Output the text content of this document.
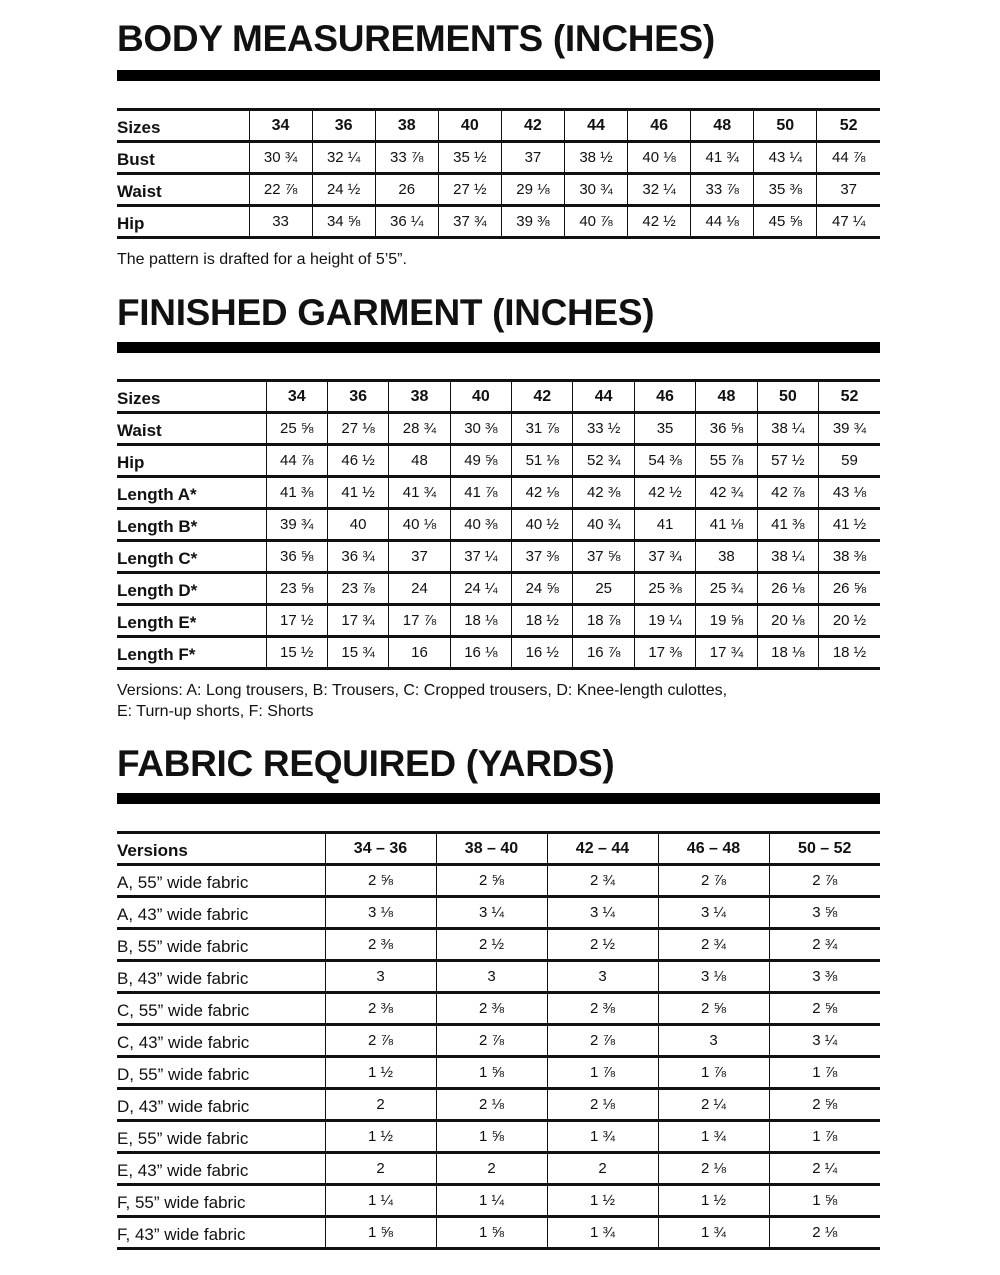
BODY MEASUREMENTS (INCHES)
Sizes	34	36	38	40	42	44	46	48	50	52
Bust	30 ¾	32 ¼	33 ⅞	35 ½	37	38 ½	40 ⅛	41 ¾	43 ¼	44 ⅞
Waist	22 ⅞	24 ½	26	27 ½	29 ⅛	30 ¾	32 ¼	33 ⅞	35 ⅜	37
Hip	33	34 ⅝	36 ¼	37 ¾	39 ⅜	40 ⅞	42 ½	44 ⅛	45 ⅝	47 ¼

The pattern is drafted for a height of 5’5”.

FINISHED GARMENT (INCHES)
Sizes	34	36	38	40	42	44	46	48	50	52
Waist	25 ⅝	27 ⅛	28 ¾	30 ⅜	31 ⅞	33 ½	35	36 ⅝	38 ¼	39 ¾
Hip	44 ⅞	46 ½	48	49 ⅝	51 ⅛	52 ¾	54 ⅜	55 ⅞	57 ½	59
Length A*	41 ⅜	41 ½	41 ¾	41 ⅞	42 ⅛	42 ⅜	42 ½	42 ¾	42 ⅞	43 ⅛
Length B*	39 ¾	40	40 ⅛	40 ⅜	40 ½	40 ¾	41	41 ⅛	41 ⅜	41 ½
Length C*	36 ⅝	36 ¾	37	37 ¼	37 ⅜	37 ⅝	37 ¾	38	38 ¼	38 ⅜
Length D*	23 ⅝	23 ⅞	24	24 ¼	24 ⅝	25	25 ⅜	25 ¾	26 ⅛	26 ⅝
Length E*	17 ½	17 ¾	17 ⅞	18 ⅛	18 ½	18 ⅞	19 ¼	19 ⅝	20 ⅛	20 ½
Length F*	15 ½	15 ¾	16	16 ⅛	16 ½	16 ⅞	17 ⅜	17 ¾	18 ⅛	18 ½

Versions: A: Long trousers, B: Trousers, C: Cropped trousers, D: Knee-length culottes,

E: Turn-up shorts, F: Shorts

FABRIC REQUIRED (YARDS)
Versions	34 – 36	38 – 40	42 – 44	46 – 48	50 – 52
A, 55” wide fabric	2 ⅝	2 ⅝	2 ¾	2 ⅞	2 ⅞
A, 43” wide fabric	3 ⅛	3 ¼	3 ¼	3 ¼	3 ⅝
B, 55” wide fabric	2 ⅜	2 ½	2 ½	2 ¾	2 ¾
B, 43” wide fabric	3	3	3	3 ⅛	3 ⅜
C, 55” wide fabric	2 ⅜	2 ⅜	2 ⅜	2 ⅝	2 ⅝
C, 43” wide fabric	2 ⅞	2 ⅞	2 ⅞	3	3 ¼
D, 55” wide fabric	1 ½	1 ⅝	1 ⅞	1 ⅞	1 ⅞
D, 43” wide fabric	2	2 ⅛	2 ⅛	2 ¼	2 ⅝
E, 55” wide fabric	1 ½	1 ⅝	1 ¾	1 ¾	1 ⅞
E, 43” wide fabric	2	2	2	2 ⅛	2 ¼
F, 55” wide fabric	1 ¼	1 ¼	1 ½	1 ½	1 ⅝
F, 43” wide fabric	1 ⅝	1 ⅝	1 ¾	1 ¾	2 ⅛
